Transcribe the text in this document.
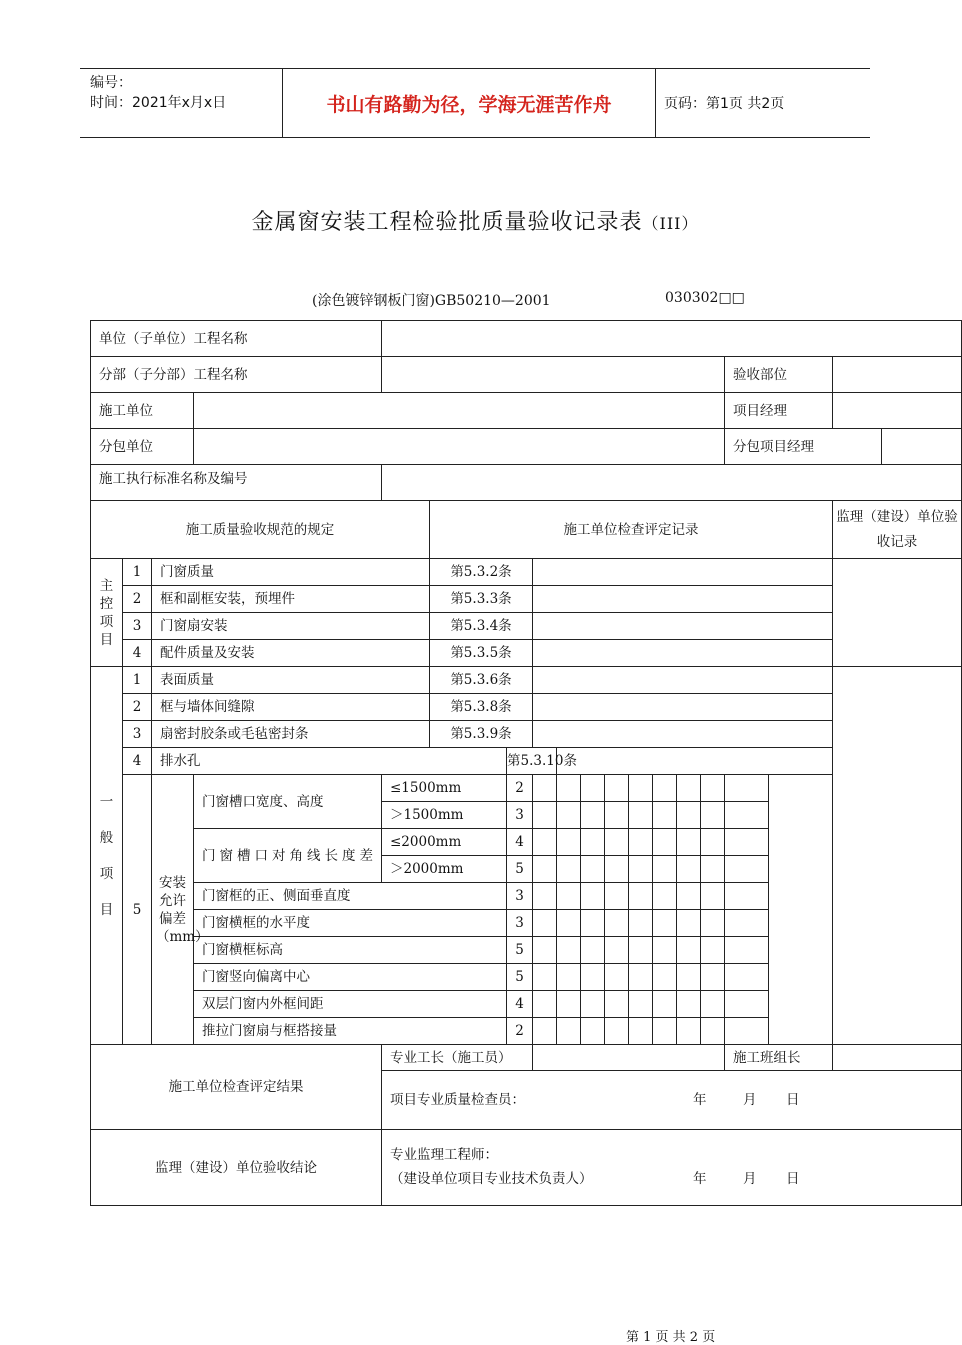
编号：
时间：2021年x月x日	书山有路勤为径，学海无涯苦作舟	页码：第1页 共2页
金属窗安装工程检验批质量验收记录表（III）
(涂色镀锌钢板门窗)GB50210—2001	030302□□
单位（子单位）工程名称																	
分部（子分部）工程名称															验收部位		
施工单位															项目经理		
分包单位															分包项目经理		
施工执行标准名称及编号																	
施工质量验收规范的规定					施工单位检查评定记录											监理（建设）单位验收记录	
主控项目	1	门窗质量			第5.3.2条												
	2	框和副框安装，预埋件			第5.3.3条												
	3	门窗扇安装			第5.3.4条												
	4	配件质量及安装			第5.3.5条												
一般项目	1	表面质量			第5.3.6条												
	2	框与墙体间缝隙			第5.3.8条												
	3	扇密封胶条或毛毡密封条			第5.3.9条												
	4	排水孔				第5.3.10条											
	5	安装允许偏差（mm）	门窗槽口宽度、高度	≤1500mm		2											
				＞1500mm		3											
			门窗槽口对角线长度差	≤2000mm		4											
				＞2000mm		5											
			门窗框的正、侧面垂直度			3											
			门窗横框的水平度			3											
			门窗横框标高			5											
			门窗竖向偏离中心			5											
			双层门窗内外框间距			4											
			推拉门窗扇与框搭接量			2											
施工单位检查评定结果				专业工长（施工员）											施工班组长		
				项目专业质量检查员： 年 月 日													

监理（建设）单位验收结论				专业监理工程师：
（建设单位项目专业技术负责人） 年 月 日													
第 1 页 共 2 页
